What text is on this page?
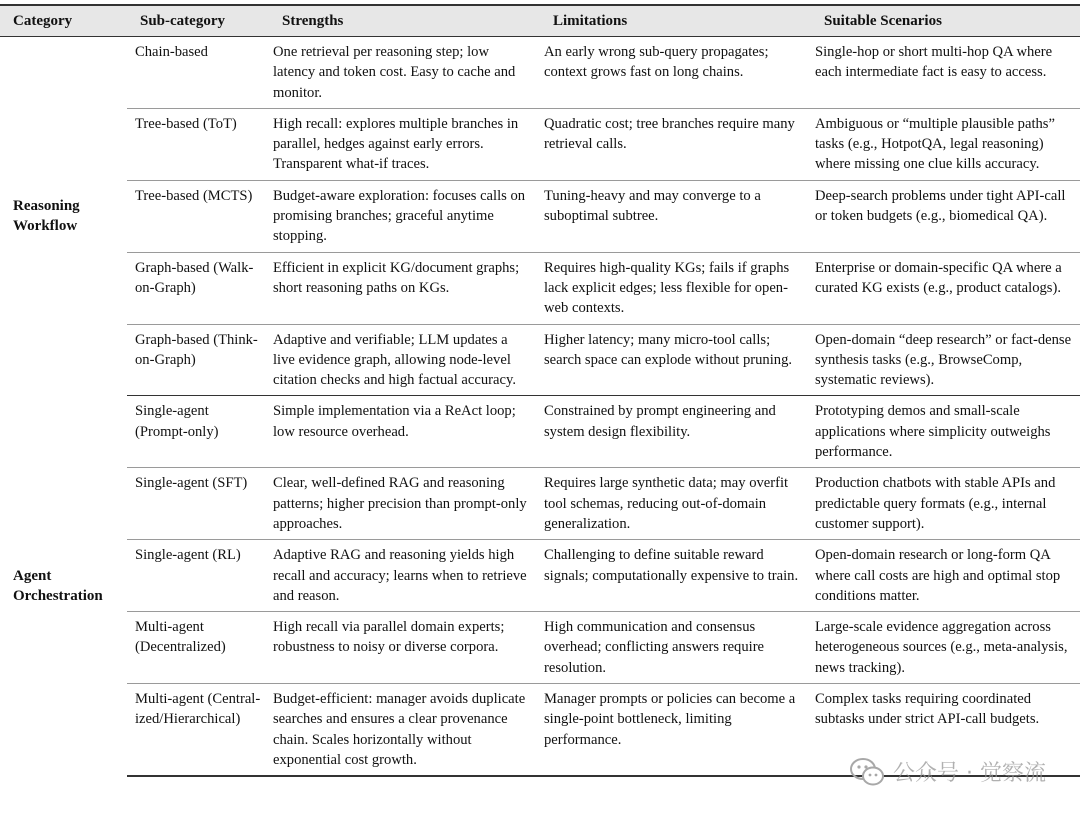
Category	Sub-category	Strengths	Limitations	Suitable Scenarios
Reasoning Workflow	Chain-based	One retrieval per reasoning step; low latency and token cost. Easy to cache and monitor.	An early wrong sub-query propagates; context grows fast on long chains.	Single-hop or short multi-hop QA where each intermediate fact is easy to access.
	Tree-based (ToT)	High recall: explores multiple branches in parallel, hedges against early errors. Transparent what-if traces.	Quadratic cost; tree branches require many retrieval calls.	Ambiguous or “multiple plausible paths” tasks (e.g., HotpotQA, legal reasoning) where missing one clue kills accuracy.
	Tree-based (MCTS)	Budget-aware exploration: focuses calls on promising branches; graceful anytime stopping.	Tuning-heavy and may converge to a suboptimal subtree.	Deep-search problems under tight API-call or token budgets (e.g., biomedical QA).
	Graph-based (Walk-on-Graph)	Efficient in explicit KG/document graphs; short reasoning paths on KGs.	Requires high-quality KGs; fails if graphs lack explicit edges; less flexible for open-web contexts.	Enterprise or domain-specific QA where a curated KG exists (e.g., product catalogs).
	Graph-based (Think-on-Graph)	Adaptive and verifiable; LLM updates a live evidence graph, allowing node-level citation checks and high factual accuracy.	Higher latency; many micro-tool calls; search space can explode without pruning.	Open-domain “deep research” or fact-dense synthesis tasks (e.g., BrowseComp, systematic reviews).
Agent Orchestration	Single-agent (Prompt-only)	Simple implementation via a ReAct loop; low resource overhead.	Constrained by prompt engineering and system design flexibility.	Prototyping demos and small-scale applications where simplicity outweighs performance.
	Single-agent (SFT)	Clear, well-defined RAG and reasoning patterns; higher precision than prompt-only approaches.	Requires large synthetic data; may overfit tool schemas, reducing out-of-domain generalization.	Production chatbots with stable APIs and predictable query formats (e.g., internal customer support).
	Single-agent (RL)	Adaptive RAG and reasoning yields high recall and accuracy; learns when to retrieve and reason.	Challenging to define suitable reward signals; computationally expensive to train.	Open-domain research or long-form QA where call costs are high and optimal stop conditions matter.
	Multi-agent (Decentralized)	High recall via parallel domain experts; robustness to noisy or diverse corpora.	High communication and consensus overhead; conflicting answers require resolution.	Large-scale evidence aggregation across heterogeneous sources (e.g., meta-analysis, news tracking).
	Multi-agent (Central-ized/Hierarchical)	Budget-efficient: manager avoids duplicate searches and ensures a clear provenance chain. Scales horizontally without exponential cost growth.	Manager prompts or policies can become a single-point bottleneck, limiting performance.	Complex tasks requiring coordinated subtasks under strict API-call budgets.
公众号 · 觉察流
